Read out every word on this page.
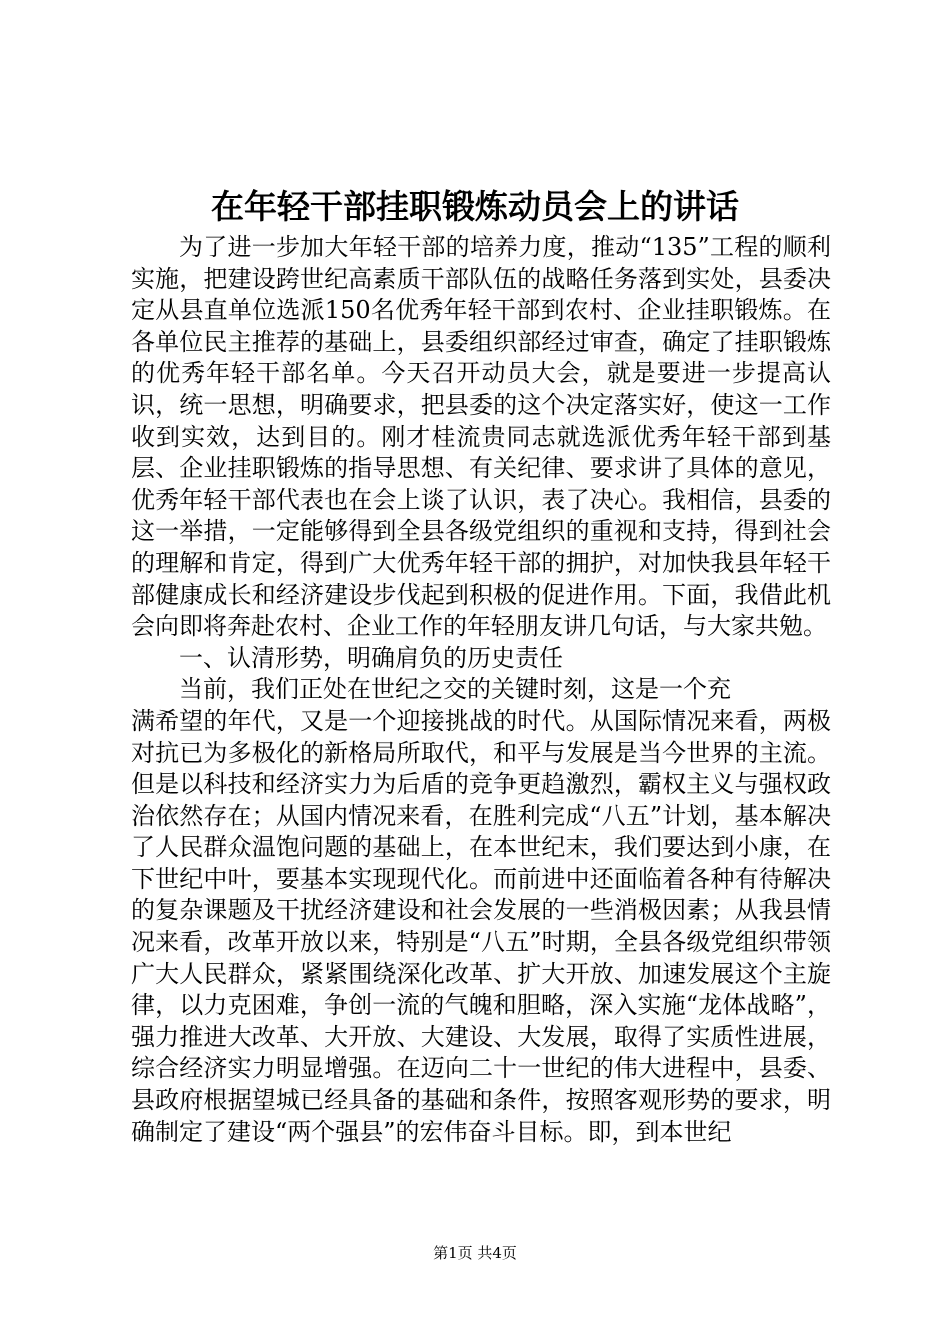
在年轻干部挂职锻炼动员会上的讲话

为了进一步加大年轻干部的培养力度，推动“135”工程的顺利实施，把建设跨世纪高素质干部队伍的战略任务落到实处，县委决定从县直单位选派150名优秀年轻干部到农村、企业挂职锻炼。在各单位民主推荐的基础上，县委组织部经过审查，确定了挂职锻炼的优秀年轻干部名单。今天召开动员大会，就是要进一步提高认识，统一思想，明确要求，把县委的这个决定落实好，使这一工作收到实效，达到目的。刚才桂流贵同志就选派优秀年轻干部到基层、企业挂职锻炼的指导思想、有关纪律、要求讲了具体的意见，优秀年轻干部代表也在会上谈了认识，表了决心。我相信，县委的这一举措，一定能够得到全县各级党组织的重视和支持，得到社会的理解和肯定，得到广大优秀年轻干部的拥护，对加快我县年轻干部健康成长和经济建设步伐起到积极的促进作用。下面，我借此机会向即将奔赴农村、企业工作的年轻朋友讲几句话，与大家共勉。

一、认清形势，明确肩负的历史责任

当前，我们正处在世纪之交的关键时刻，这是一个充

满希望的年代，又是一个迎接挑战的时代。从国际情况来看，两极对抗已为多极化的新格局所取代，和平与发展是当今世界的主流。但是以科技和经济实力为后盾的竞争更趋激烈，霸权主义与强权政治依然存在；从国内情况来看，在胜利完成“八五”计划，基本解决了人民群众温饱问题的基础上，在本世纪末，我们要达到小康，在下世纪中叶，要基本实现现代化。而前进中还面临着各种有待解决的复杂课题及干扰经济建设和社会发展的一些消极因素；从我县情况来看，改革开放以来，特别是“八五”时期，全县各级党组织带领广大人民群众，紧紧围绕深化改革、扩大开放、加速发展这个主旋律，以力克困难，争创一流的气魄和胆略，深入实施“龙体战略”，强力推进大改革、大开放、大建设、大发展，取得了实质性进展，综合经济实力明显增强。在迈向二十一世纪的伟大进程中，县委、县政府根据望城已经具备的基础和条件，按照客观形势的要求，明确制定了建设“两个强县”的宏伟奋斗目标。即，到本世纪

第1页 共4页
